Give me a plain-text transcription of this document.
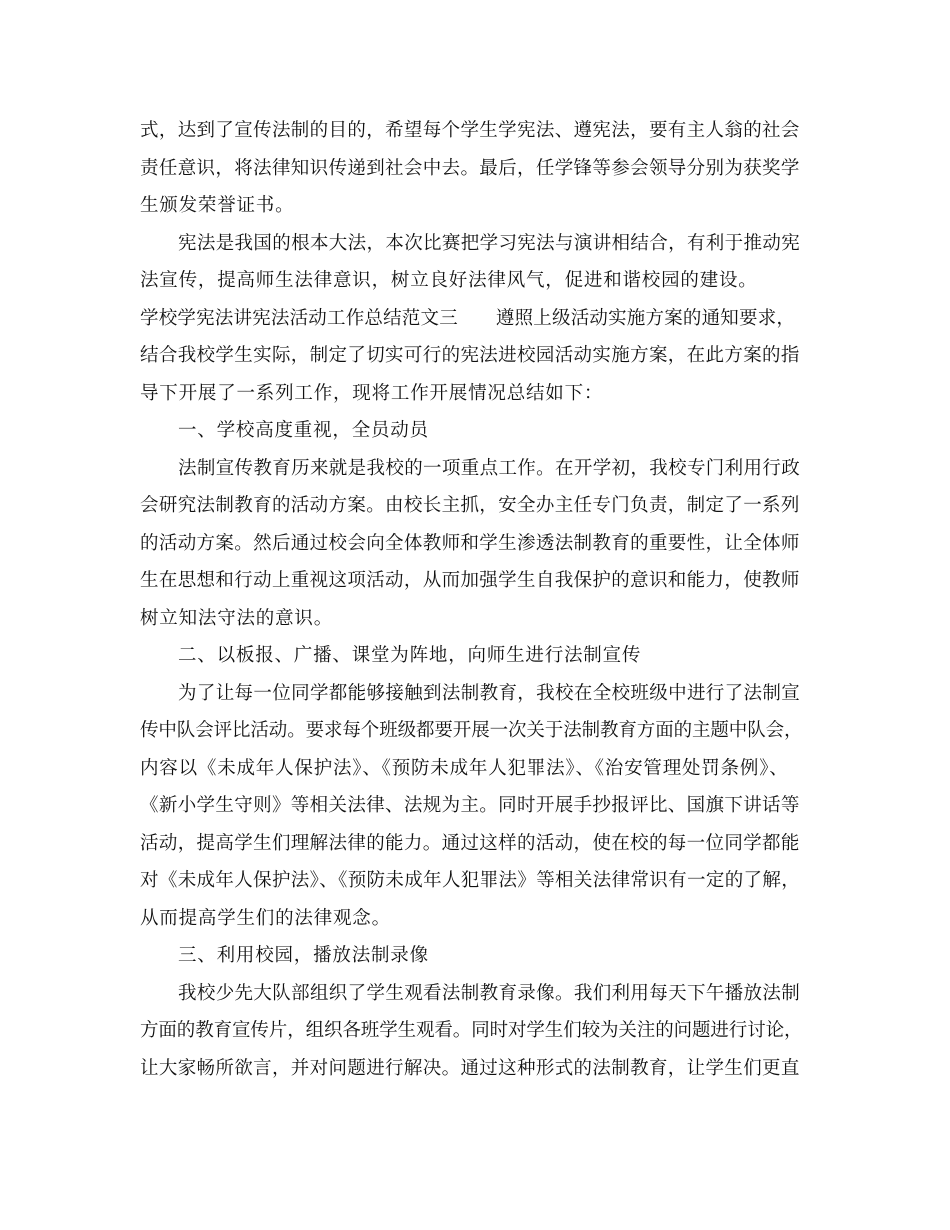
式，达到了宣传法制的目的，希望每个学生学宪法、遵宪法，要有主人翁的社会
责任意识，将法律知识传递到社会中去。最后，任学锋等参会领导分别为获奖学
生颁发荣誉证书。
宪法是我国的根本大法，本次比赛把学习宪法与演讲相结合，有利于推动宪
法宣传，提高师生法律意识，树立良好法律风气，促进和谐校园的建设。
学校学宪法讲宪法活动工作总结范文三 遵照上级活动实施方案的通知要求，
结合我校学生实际，制定了切实可行的宪法进校园活动实施方案，在此方案的指
导下开展了一系列工作，现将工作开展情况总结如下：
一、学校高度重视，全员动员
法制宣传教育历来就是我校的一项重点工作。在开学初，我校专门利用行政
会研究法制教育的活动方案。由校长主抓，安全办主任专门负责，制定了一系列
的活动方案。然后通过校会向全体教师和学生渗透法制教育的重要性，让全体师
生在思想和行动上重视这项活动，从而加强学生自我保护的意识和能力，使教师
树立知法守法的意识。
二、以板报、广播、课堂为阵地，向师生进行法制宣传
为了让每一位同学都能够接触到法制教育，我校在全校班级中进行了法制宣
传中队会评比活动。要求每个班级都要开展一次关于法制教育方面的主题中队会，
内容以《未成年人保护法》、《预防未成年人犯罪法》、《治安管理处罚条例》、
《新小学生守则》等相关法律、法规为主。同时开展手抄报评比、国旗下讲话等
活动，提高学生们理解法律的能力。通过这样的活动，使在校的每一位同学都能
对《未成年人保护法》、《预防未成年人犯罪法》等相关法律常识有一定的了解，
从而提高学生们的法律观念。
三、利用校园，播放法制录像
我校少先大队部组织了学生观看法制教育录像。我们利用每天下午播放法制
方面的教育宣传片，组织各班学生观看。同时对学生们较为关注的问题进行讨论，
让大家畅所欲言，并对问题进行解决。通过这种形式的法制教育，让学生们更直
